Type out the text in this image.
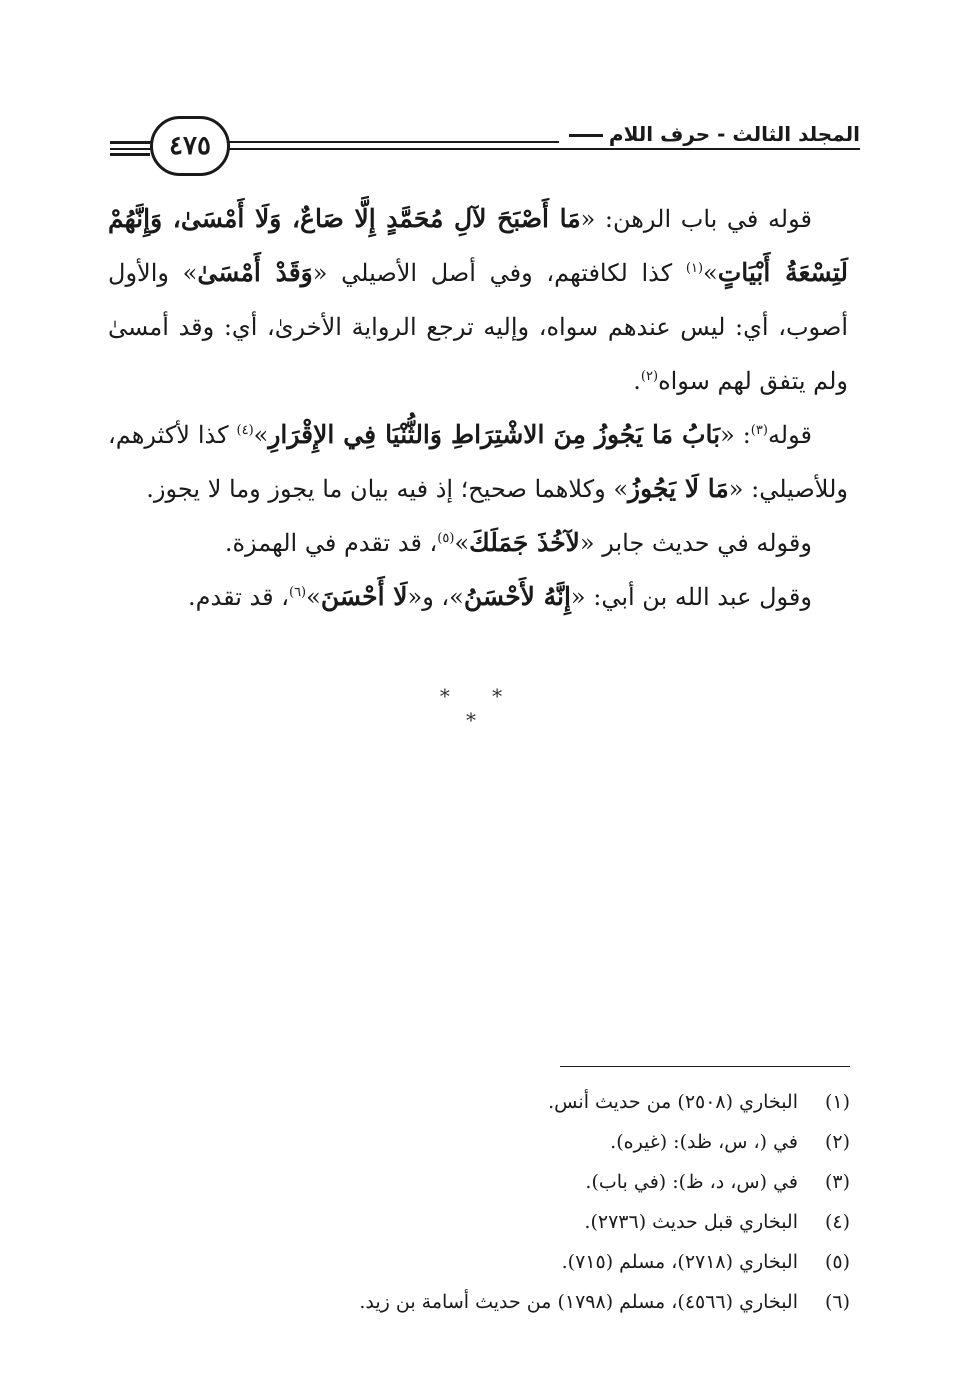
٤٧٥	المجلد الثالث - حرف اللام

قوله في باب الرهن: «مَا أَصْبَحَ لآلِ مُحَمَّدٍ إِلَّا صَاعٌ، وَلَا أَمْسَىٰ، وَإِنَّهُمْ لَتِسْعَةُ أَبْيَاتٍ»$^{(١)}$ كذا لكافتهم، وفي أصل الأصيلي «وَقَدْ أَمْسَىٰ» والأول أصوب، أي: ليس عندهم سواه، وإليه ترجع الرواية الأخرىٰ، أي: وقد أمسىٰ ولم يتفق لهم سواه$^{(٢)}$.

قوله$^{(٣)}$: «بَابُ مَا يَجُوزُ مِنَ الاشْتِرَاطِ وَالثُّنْيَا فِي الإِقْرَارِ»$^{(٤)}$ كذا لأكثرهم، وللأصيلي: «مَا لَا يَجُوزُ» وكلاهما صحيح؛ إذ فيه بيان ما يجوز وما لا يجوز.

وقوله في حديث جابر «لآخُذَ جَمَلَكَ»$^{(٥)}$، قد تقدم في الهمزة.

وقول عبد الله بن أبي: «إِنَّهُ لأَحْسَنُ»، و«لَا أَحْسَنَ»$^{(٦)}$، قد تقدم.

* * *
(١)
البخاري (٢٥٠٨) من حديث أنس.
(٢)
في (، س، ظد): (غيره).
(٣)
في (س، د، ظ): (في باب).
(٤)
البخاري قبل حديث (٢٧٣٦).
(٥)
البخاري (٢٧١٨)، مسلم (٧١٥).
(٦)
البخاري (٤٥٦٦)، مسلم (١٧٩٨) من حديث أسامة بن زيد.
